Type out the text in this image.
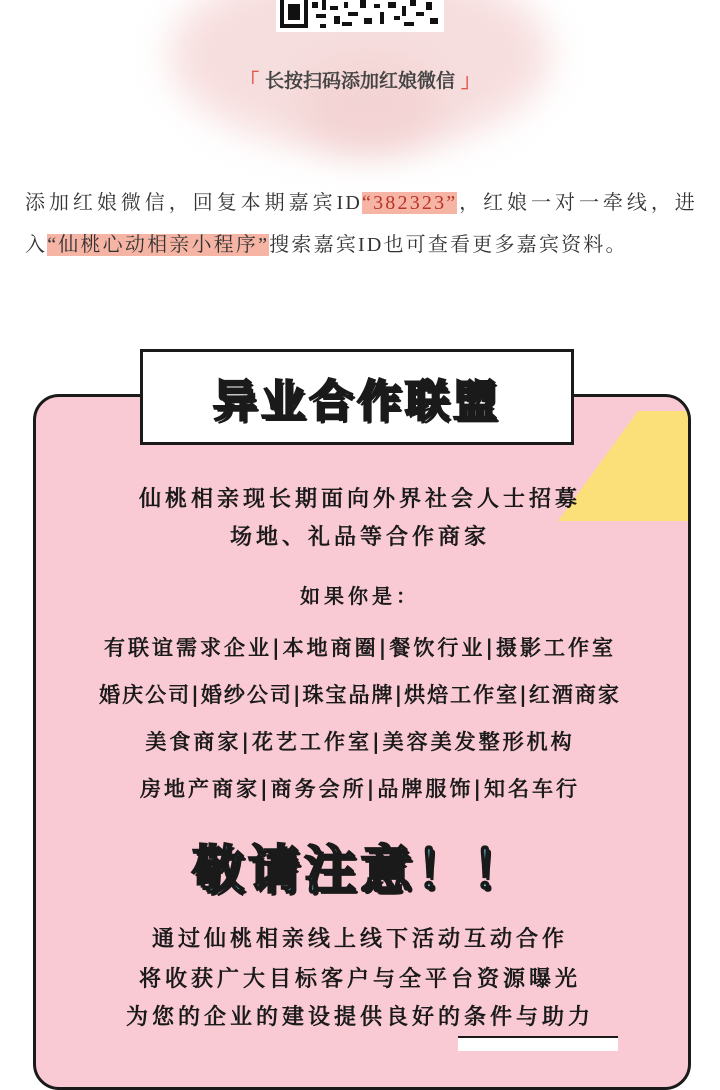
「 长按扫码添加红娘微信 」
添加红娘微信，回复本期嘉宾ID“382323”，红娘一对一牵线，进入“仙桃心动相亲小程序”搜索嘉宾ID也可查看更多嘉宾资料。
异业合作联盟
仙桃相亲现长期面向外界社会人士招募
场地、礼品等合作商家
如果你是：
有联谊需求企业|本地商圈|餐饮行业|摄影工作室
婚庆公司|婚纱公司|珠宝品牌|烘焙工作室|红酒商家
美食商家|花艺工作室|美容美发整形机构
房地产商家|商务会所|品牌服饰|知名车行
敬请注意！！
通过仙桃相亲线上线下活动互动合作
将收获广大目标客户与全平台资源曝光
为您的企业的建设提供良好的条件与助力
